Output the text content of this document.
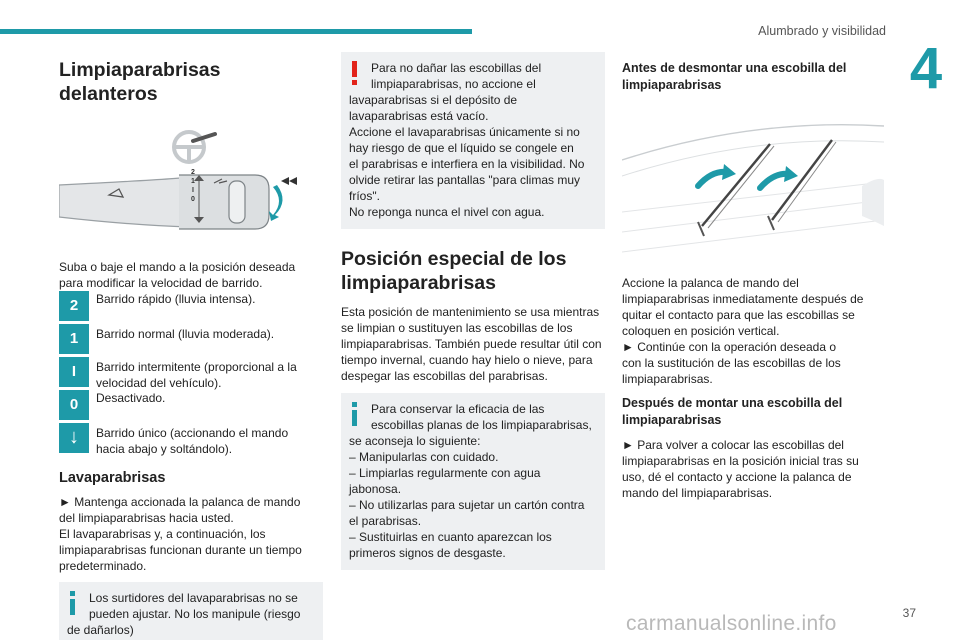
Alumbrado y visibilidad
4
Limpiaparabrisas delanteros
2
1
I
0

Suba o baje el mando a la posición deseada
para modificar la velocidad de barrido.

2	Barrido rápido (lluvia intensa).
1	Barrido normal (lluvia moderada).
I	Barrido intermitente (proporcional a la
velocidad del vehículo).
0	Desactivado.
↓	Barrido único (accionando el mando
hacia abajo y soltándolo).
Lavaparabrisas

► Mantenga accionada la palanca de mando
del limpiaparabrisas hacia usted.
El lavaparabrisas y, a continuación, los
limpiaparabrisas funcionan durante un tiempo
predeterminado.

Los surtidores del lavaparabrisas no se
pueden ajustar. No los manipule (riesgo
de dañarlos)
Para no dañar las escobillas del
limpiaparabrisas, no accione el
lavaparabrisas si el depósito de
lavaparabrisas está vacío.
Accione el lavaparabrisas únicamente si no
hay riesgo de que el líquido se congele en
el parabrisas e interfiera en la visibilidad. No
olvide retirar las pantallas "para climas muy
fríos".
No reponga nunca el nivel con agua.
Posición especial de los
limpiaparabrisas

Esta posición de mantenimiento se usa mientras
se limpian o sustituyen las escobillas de los
limpiaparabrisas. También puede resultar útil con
tiempo invernal, cuando hay hielo o nieve, para
despegar las escobillas del parabrisas.

Para conservar la eficacia de las
escobillas planas de los limpiaparabrisas,
se aconseja lo siguiente:
– Manipularlas con cuidado.
– Limpiarlas regularmente con agua
jabonosa.
– No utilizarlas para sujetar un cartón contra
el parabrisas.
– Sustituirlas en cuanto aparezcan los
primeros signos de desgaste.
Antes de desmontar una escobilla del
limpiaparabrisas

Accione la palanca de mando del
limpiaparabrisas inmediatamente después de
quitar el contacto para que las escobillas se
coloquen en posición vertical.
► Continúe con la operación deseada o
con la sustitución de las escobillas de los
limpiaparabrisas.

Después de montar una escobilla del
limpiaparabrisas

► Para volver a colocar las escobillas del
limpiaparabrisas en la posición inicial tras su
uso, dé el contacto y accione la palanca de
mando del limpiaparabrisas.

37
carmanualsonline.info
